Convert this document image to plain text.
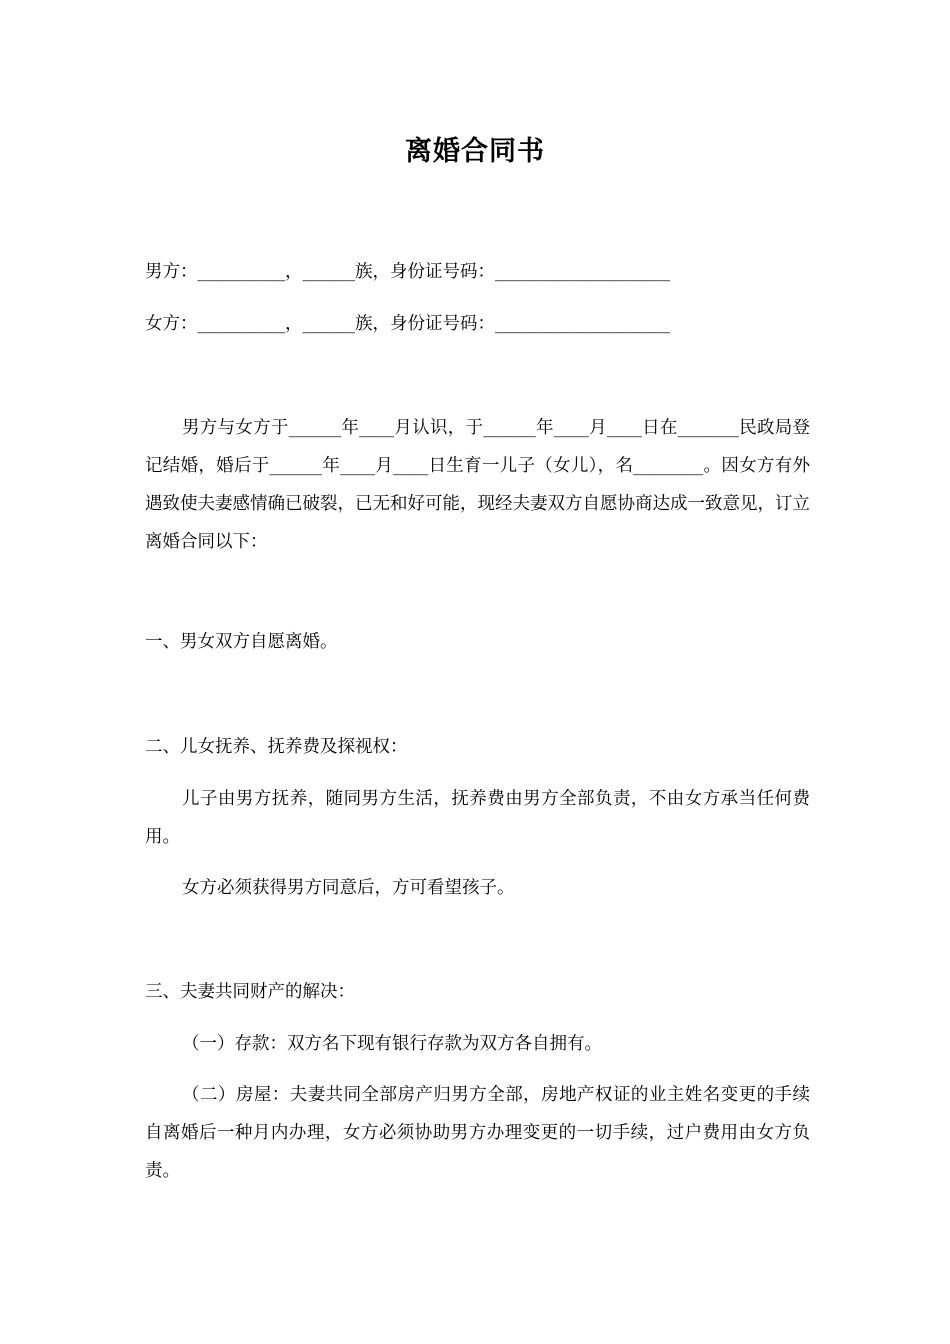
离婚合同书
男方：__________，______族，身份证号码：____________________
女方：__________，______族，身份证号码：____________________
男方与女方于______年____月认识，于______年____月____日在_______民政局登记结婚，婚后于______年____月____日生育一儿子（女儿），名________。因女方有外遇致使夫妻感情确已破裂，已无和好可能，现经夫妻双方自愿协商达成一致意见，订立离婚合同以下：
一、男女双方自愿离婚。
二、儿女抚养、抚养费及探视权：
儿子由男方抚养，随同男方生活，抚养费由男方全部负责，不由女方承当任何费用。
女方必须获得男方同意后，方可看望孩子。
三、夫妻共同财产的解决：
（一）存款：双方名下现有银行存款为双方各自拥有。
（二）房屋：夫妻共同全部房产归男方全部，房地产权证的业主姓名变更的手续自离婚后一种月内办理，女方必须协助男方办理变更的一切手续，过户费用由女方负责。
